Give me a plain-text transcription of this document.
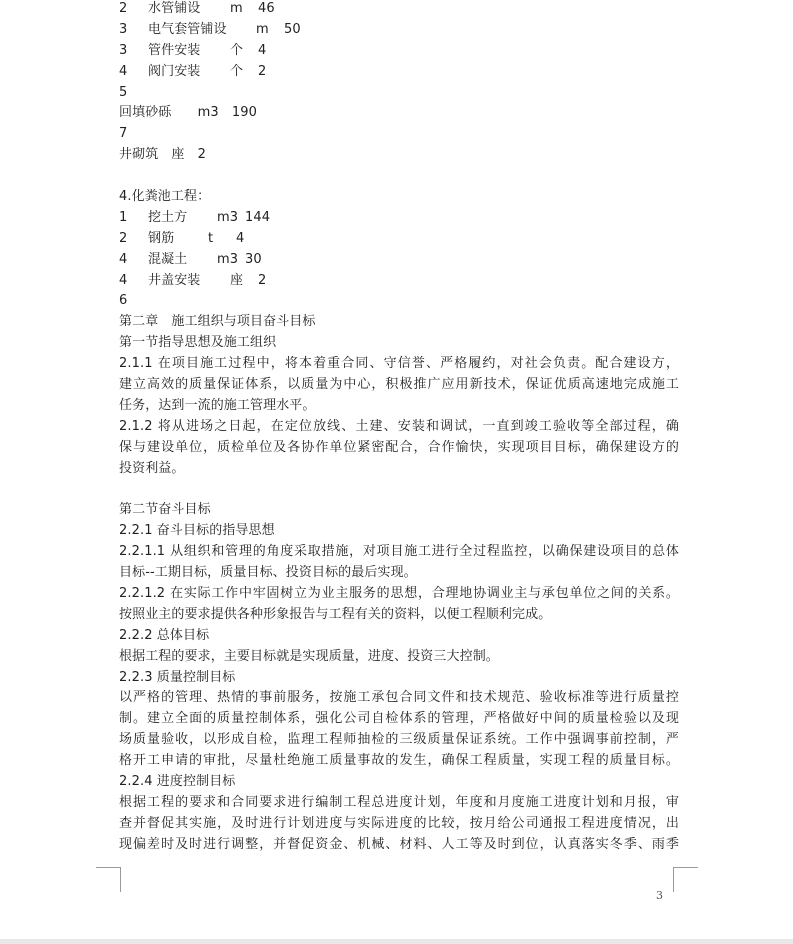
2 水管铺设 m 46
3 电气套管铺设 m 50
3 管件安装 个 4
4 阀门安装 个 2
5
回填砂砾　　m3　190
7
井砌筑　座　2
4.化粪池工程：
1 挖土方 m3 144
2 钢筋	t 4
4 混凝土 m3 30
4 井盖安装 座 2
6
第二章　施工组织与项目奋斗目标
第一节指导思想及施工组织
2.1.1 在项目施工过程中，将本着重合同、守信誉、严格履约，对社会负责。配合建设方，
建立高效的质量保证体系，以质量为中心，积极推广应用新技术，保证优质高速地完成施工
任务，达到一流的施工管理水平。
2.1.2 将从进场之日起，在定位放线、土建、安装和调试，一直到竣工验收等全部过程，确
保与建设单位，质检单位及各协作单位紧密配合，合作愉快，实现项目目标，确保建设方的
投资利益。
第二节奋斗目标
2.2.1 奋斗目标的指导思想
2.2.1.1 从组织和管理的角度采取措施，对项目施工进行全过程监控，以确保建设项目的总体
目标--工期目标，质量目标、投资目标的最后实现。
2.2.1.2 在实际工作中牢固树立为业主服务的思想，合理地协调业主与承包单位之间的关系。
按照业主的要求提供各种形象报告与工程有关的资料，以便工程顺利完成。
2.2.2 总体目标
根据工程的要求，主要目标就是实现质量，进度、投资三大控制。
2.2.3 质量控制目标
以严格的管理、热情的事前服务，按施工承包合同文件和技术规范、验收标准等进行质量控
制。建立全面的质量控制体系，强化公司自检体系的管理，严格做好中间的质量检验以及现
场质量验收，以形成自检，监理工程师抽检的三级质量保证系统。工作中强调事前控制，严
格开工申请的审批，尽量杜绝施工质量事故的发生，确保工程质量，实现工程的质量目标。
2.2.4 进度控制目标
根据工程的要求和合同要求进行编制工程总进度计划，年度和月度施工进度计划和月报，审
查并督促其实施，及时进行计划进度与实际进度的比较，按月给公司通报工程进度情况，出
现偏差时及时进行调整，并督促资金、机械、材料、人工等及时到位，认真落实冬季、雨季
3
